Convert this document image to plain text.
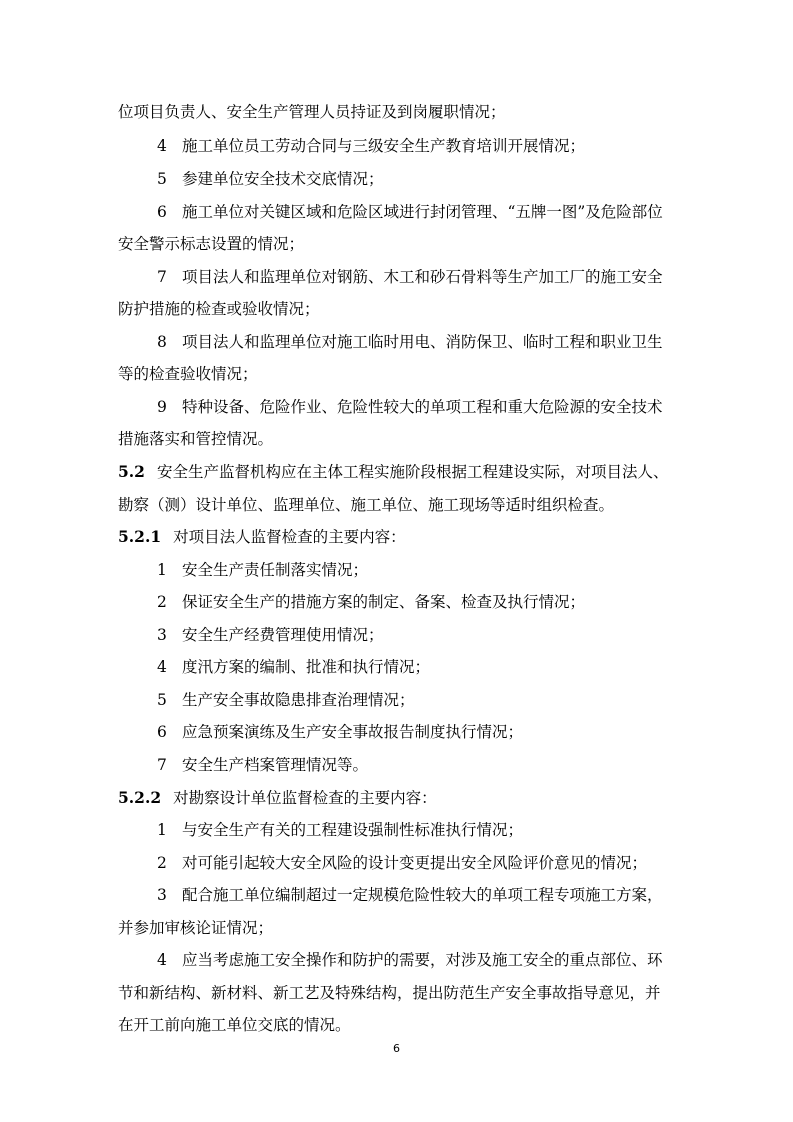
位项目负责人、安全生产管理人员持证及到岗履职情况；
4 施工单位员工劳动合同与三级安全生产教育培训开展情况；
5 参建单位安全技术交底情况；
6 施工单位对关键区域和危险区域进行封闭管理、“五牌一图”及危险部位
安全警示标志设置的情况；
7 项目法人和监理单位对钢筋、木工和砂石骨料等生产加工厂的施工安全
防护措施的检查或验收情况；
8 项目法人和监理单位对施工临时用电、消防保卫、临时工程和职业卫生
等的检查验收情况；
9 特种设备、危险作业、危险性较大的单项工程和重大危险源的安全技术
措施落实和管控情况。
5.2 安全生产监督机构应在主体工程实施阶段根据工程建设实际，对项目法人、
勘察（测）设计单位、监理单位、施工单位、施工现场等适时组织检查。
5.2.1 对项目法人监督检查的主要内容：
1 安全生产责任制落实情况；
2 保证安全生产的措施方案的制定、备案、检查及执行情况；
3 安全生产经费管理使用情况；
4 度汛方案的编制、批准和执行情况；
5 生产安全事故隐患排查治理情况；
6 应急预案演练及生产安全事故报告制度执行情况；
7 安全生产档案管理情况等。
5.2.2 对勘察设计单位监督检查的主要内容：
1 与安全生产有关的工程建设强制性标准执行情况；
2 对可能引起较大安全风险的设计变更提出安全风险评价意见的情况；
3 配合施工单位编制超过一定规模危险性较大的单项工程专项施工方案，
并参加审核论证情况；
4 应当考虑施工安全操作和防护的需要，对涉及施工安全的重点部位、环
节和新结构、新材料、新工艺及特殊结构，提出防范生产安全事故指导意见，并
在开工前向施工单位交底的情况。
6
